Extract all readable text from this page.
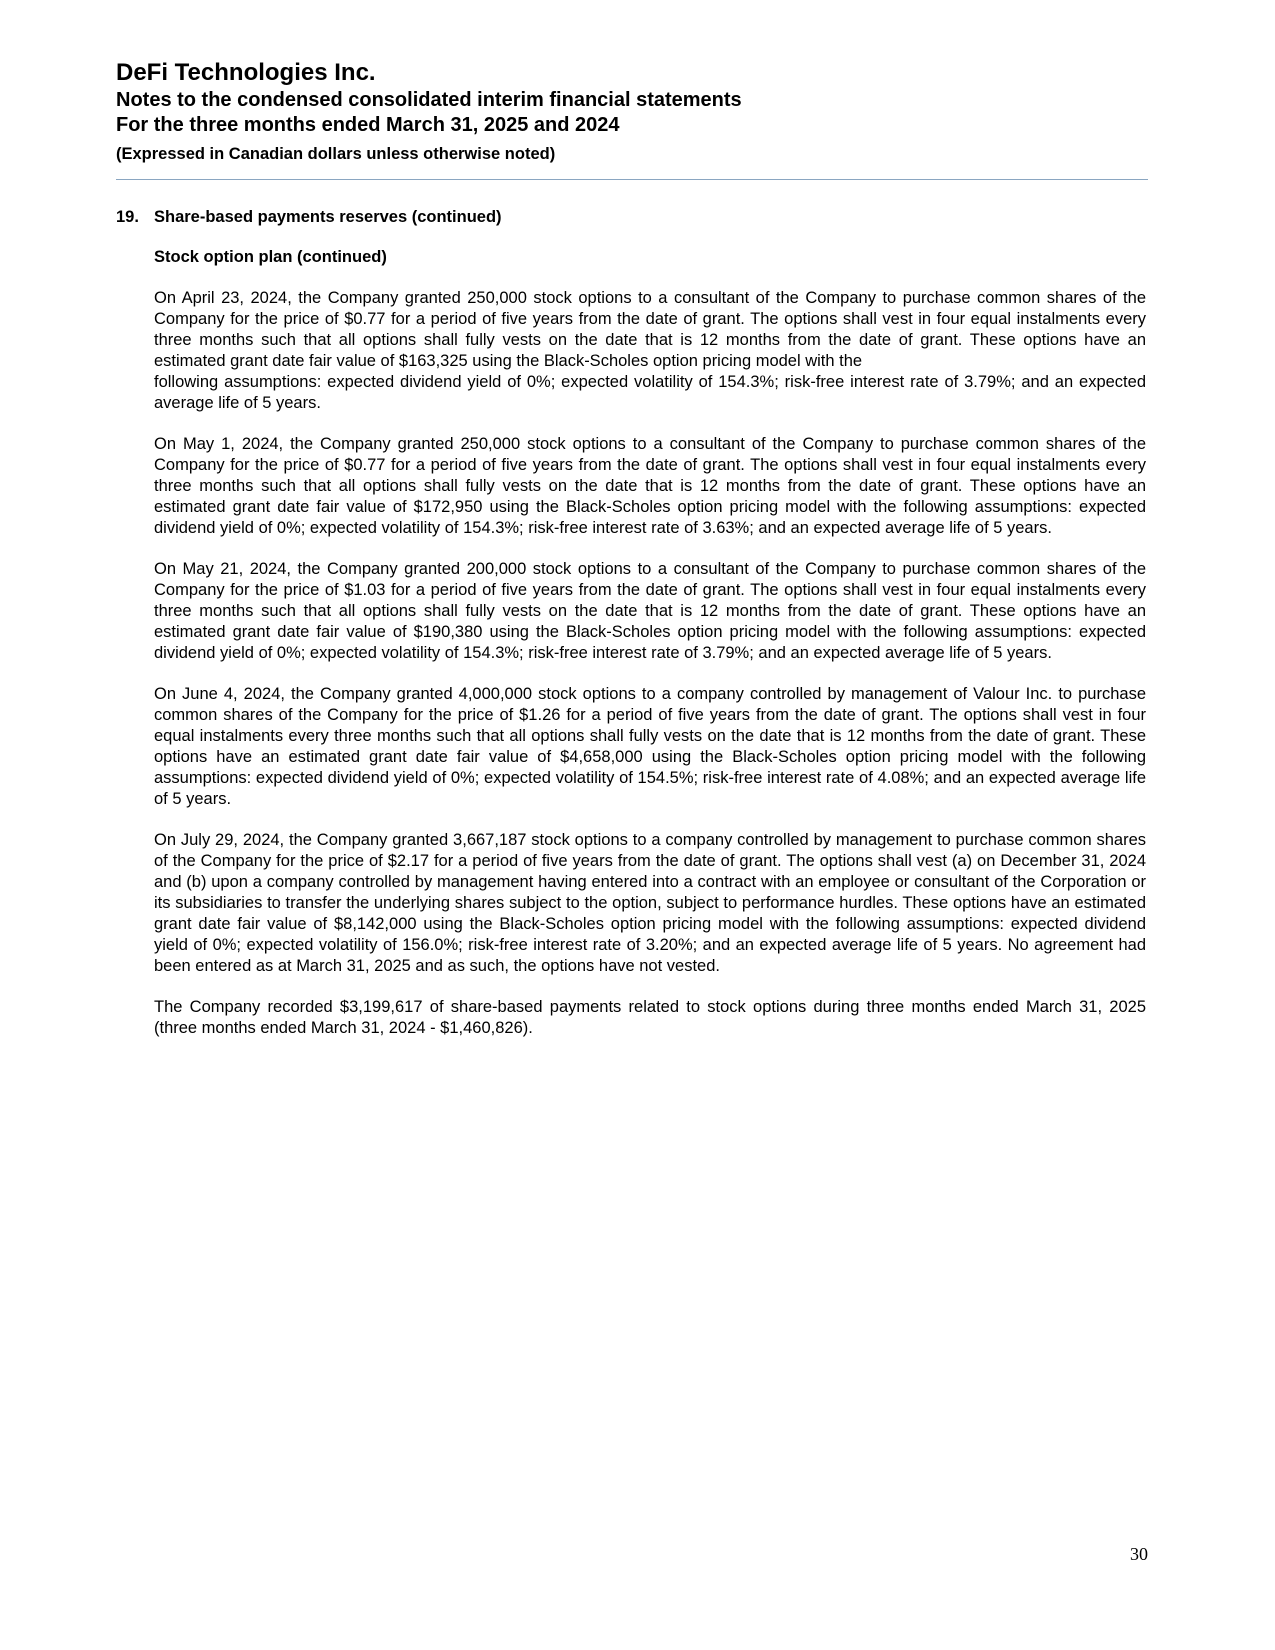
DeFi Technologies Inc.

Notes to the condensed consolidated interim financial statements

For the three months ended March 31, 2025 and 2024

(Expressed in Canadian dollars unless otherwise noted)

19. Share-based payments reserves (continued)

Stock option plan (continued)

On April 23, 2024, the Company granted 250,000 stock options to a consultant of the Company to purchase common shares of the Company for the price of $0.77 for a period of five years from the date of grant. The options shall vest in four equal instalments every three months such that all options shall fully vests on the date that is 12 months from the date of grant. These options have an estimated grant date fair value of $163,325 using the Black-Scholes option pricing model with the
following assumptions: expected dividend yield of 0%; expected volatility of 154.3%; risk-free interest rate of 3.79%; and an expected average life of 5 years.

On May 1, 2024, the Company granted 250,000 stock options to a consultant of the Company to purchase common shares of the Company for the price of $0.77 for a period of five years from the date of grant. The options shall vest in four equal instalments every three months such that all options shall fully vests on the date that is 12 months from the date of grant. These options have an estimated grant date fair value of $172,950 using the Black-Scholes option pricing model with the following assumptions: expected dividend yield of 0%; expected volatility of 154.3%; risk-free interest rate of 3.63%; and an expected average life of 5 years.

On May 21, 2024, the Company granted 200,000 stock options to a consultant of the Company to purchase common shares of the Company for the price of $1.03 for a period of five years from the date of grant. The options shall vest in four equal instalments every three months such that all options shall fully vests on the date that is 12 months from the date of grant. These options have an estimated grant date fair value of $190,380 using the Black-Scholes option pricing model with the following assumptions: expected dividend yield of 0%; expected volatility of 154.3%; risk-free interest rate of 3.79%; and an expected average life of 5 years.

On June 4, 2024, the Company granted 4,000,000 stock options to a company controlled by management of Valour Inc. to purchase common shares of the Company for the price of $1.26 for a period of five years from the date of grant. The options shall vest in four equal instalments every three months such that all options shall fully vests on the date that is 12 months from the date of grant. These options have an estimated grant date fair value of $4,658,000 using the Black-Scholes option pricing model with the following assumptions: expected dividend yield of 0%; expected volatility of 154.5%; risk-free interest rate of 4.08%; and an expected average life of 5 years.

On July 29, 2024, the Company granted 3,667,187 stock options to a company controlled by management to purchase common shares of the Company for the price of $2.17 for a period of five years from the date of grant. The options shall vest (a) on December 31, 2024 and (b) upon a company controlled by management having entered into a contract with an employee or consultant of the Corporation or its subsidiaries to transfer the underlying shares subject to the option, subject to performance hurdles. These options have an estimated grant date fair value of $8,142,000 using the Black-Scholes option pricing model with the following assumptions: expected dividend yield of 0%; expected volatility of 156.0%; risk-free interest rate of 3.20%; and an expected average life of 5 years. No agreement had been entered as at March 31, 2025 and as such, the options have not vested.

The Company recorded $3,199,617 of share-based payments related to stock options during three months ended March 31, 2025 (three months ended March 31, 2024 - $1,460,826).

30
